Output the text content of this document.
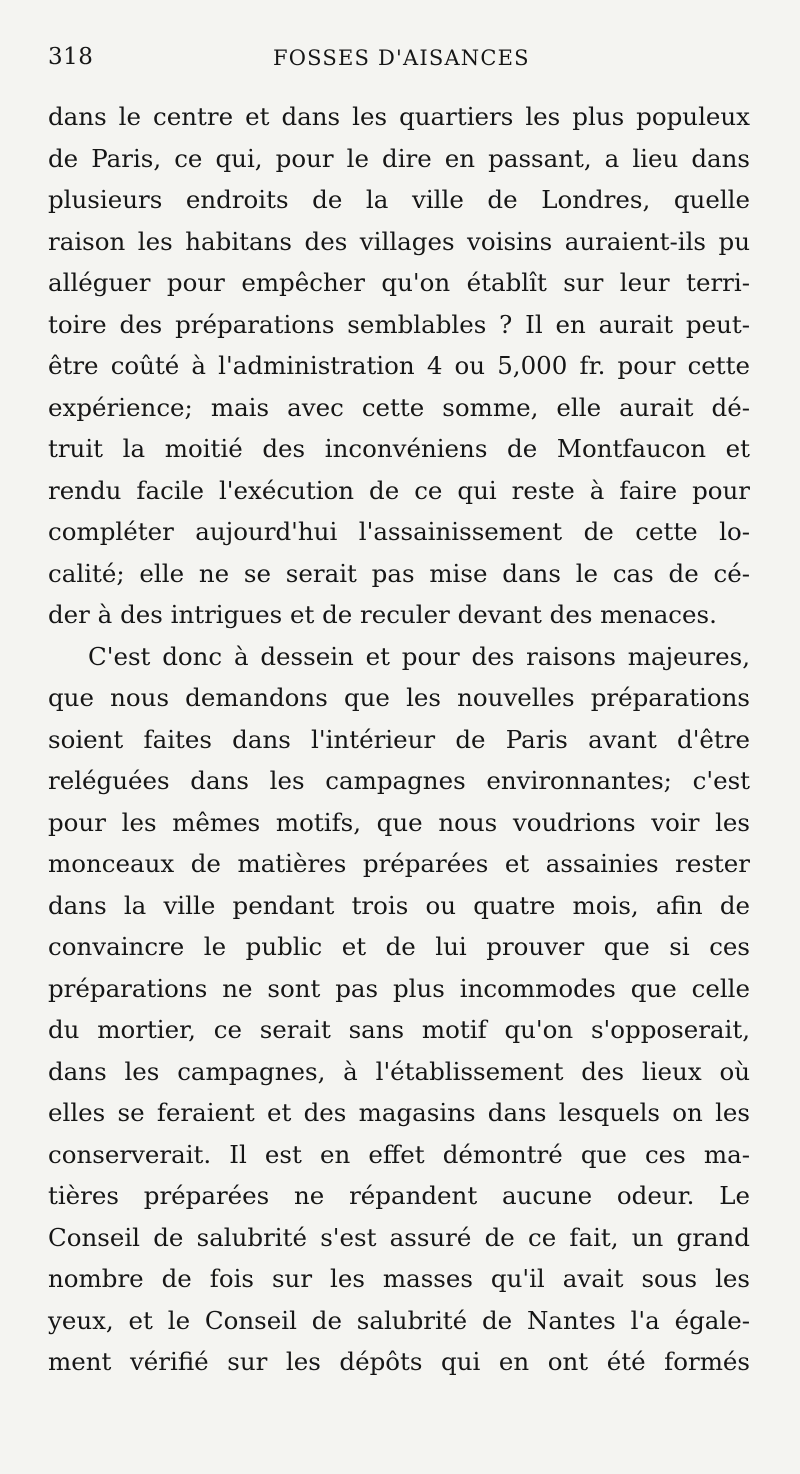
318	FOSSES D'AISANCES
dans le centre et dans les quartiers les plus populeux
de Paris, ce qui, pour le dire en passant, a lieu dans
plusieurs endroits de la ville de Londres, quelle
raison les habitans des villages voisins auraient-ils pu
alléguer pour empêcher qu'on établît sur leur terri-
toire des préparations semblables ? Il en aurait peut-
être coûté à l'administration 4 ou 5,000 fr. pour cette
expérience; mais avec cette somme, elle aurait dé-
truit la moitié des inconvéniens de Montfaucon et
rendu facile l'exécution de ce qui reste à faire pour
compléter aujourd'hui l'assainissement de cette lo-
calité; elle ne se serait pas mise dans le cas de cé-
der à des intrigues et de reculer devant des menaces.
C'est donc à dessein et pour des raisons majeures,
que nous demandons que les nouvelles préparations
soient faites dans l'intérieur de Paris avant d'être
reléguées dans les campagnes environnantes; c'est
pour les mêmes motifs, que nous voudrions voir les
monceaux de matières préparées et assainies rester
dans la ville pendant trois ou quatre mois, afin de
convaincre le public et de lui prouver que si ces
préparations ne sont pas plus incommodes que celle
du mortier, ce serait sans motif qu'on s'opposerait,
dans les campagnes, à l'établissement des lieux où
elles se feraient et des magasins dans lesquels on les
conserverait. Il est en effet démontré que ces ma-
tières préparées ne répandent aucune odeur. Le
Conseil de salubrité s'est assuré de ce fait, un grand
nombre de fois sur les masses qu'il avait sous les
yeux, et le Conseil de salubrité de Nantes l'a égale-
ment vérifié sur les dépôts qui en ont été formés
